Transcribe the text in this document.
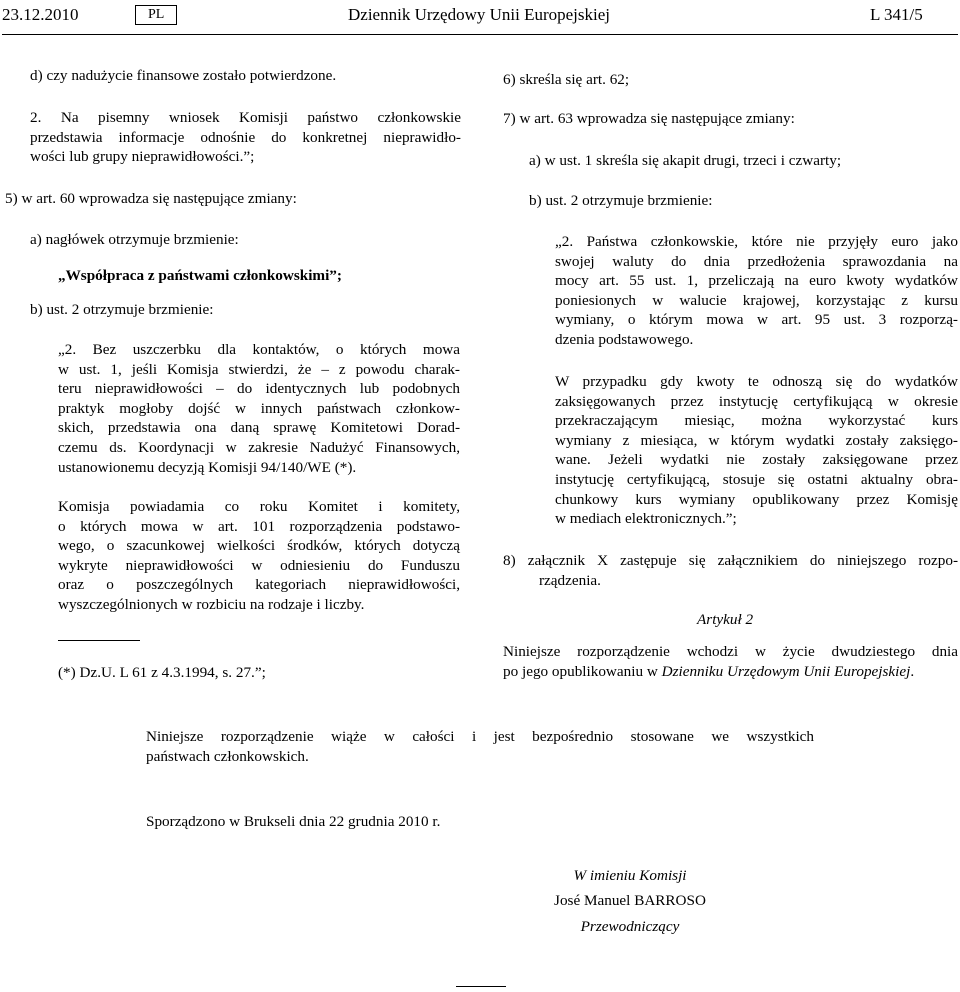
23.12.2010	PL	Dziennik Urzędowy Unii Europejskiej	L 341/5
d) czy nadużycie finansowe zostało potwierdzone.
2. Na pisemny wniosek Komisji państwo członkowskie
przedstawia informacje odnośnie do konkretnej nieprawidło-
wości lub grupy nieprawidłowości.”;
5) w art. 60 wprowadza się następujące zmiany:
a) nagłówek otrzymuje brzmienie:
„Współpraca z państwami członkowskimi”;
b) ust. 2 otrzymuje brzmienie:
„2. Bez uszczerbku dla kontaktów, o których mowa
w ust. 1, jeśli Komisja stwierdzi, że – z powodu charak-
teru nieprawidłowości – do identycznych lub podobnych
praktyk mogłoby dojść w innych państwach członkow-
skich, przedstawia ona daną sprawę Komitetowi Dorad-
czemu ds. Koordynacji w zakresie Nadużyć Finansowych,
ustanowionemu decyzją Komisji 94/140/WE (*).
Komisja powiadamia co roku Komitet i komitety,
o których mowa w art. 101 rozporządzenia podstawo-
wego, o szacunkowej wielkości środków, których dotyczą
wykryte nieprawidłowości w odniesieniu do Funduszu
oraz o poszczególnych kategoriach nieprawidłowości,
wyszczególnionych w rozbiciu na rodzaje i liczby.
(*) Dz.U. L 61 z 4.3.1994, s. 27.”;
6) skreśla się art. 62;
7) w art. 63 wprowadza się następujące zmiany:
a) w ust. 1 skreśla się akapit drugi, trzeci i czwarty;
b) ust. 2 otrzymuje brzmienie:
„2. Państwa członkowskie, które nie przyjęły euro jako
swojej waluty do dnia przedłożenia sprawozdania na
mocy art. 55 ust. 1, przeliczają na euro kwoty wydatków
poniesionych w walucie krajowej, korzystając z kursu
wymiany, o którym mowa w art. 95 ust. 3 rozporzą-
dzenia podstawowego.
W przypadku gdy kwoty te odnoszą się do wydatków
zaksięgowanych przez instytucję certyfikującą w okresie
przekraczającym miesiąc, można wykorzystać kurs
wymiany z miesiąca, w którym wydatki zostały zaksięgo-
wane. Jeżeli wydatki nie zostały zaksięgowane przez
instytucję certyfikującą, stosuje się ostatni aktualny obra-
chunkowy kurs wymiany opublikowany przez Komisję
w mediach elektronicznych.”;
8) załącznik X zastępuje się załącznikiem do niniejszego rozpo-
rządzenia.
Artykuł 2
Niniejsze rozporządzenie wchodzi w życie dwudziestego dnia
po jego opublikowaniu w Dzienniku Urzędowym Unii Europejskiej.
Niniejsze rozporządzenie wiąże w całości i jest bezpośrednio stosowane we wszystkich
państwach członkowskich.
Sporządzono w Brukseli dnia 22 grudnia 2010 r.
W imieniu Komisji
José Manuel BARROSO
Przewodniczący
